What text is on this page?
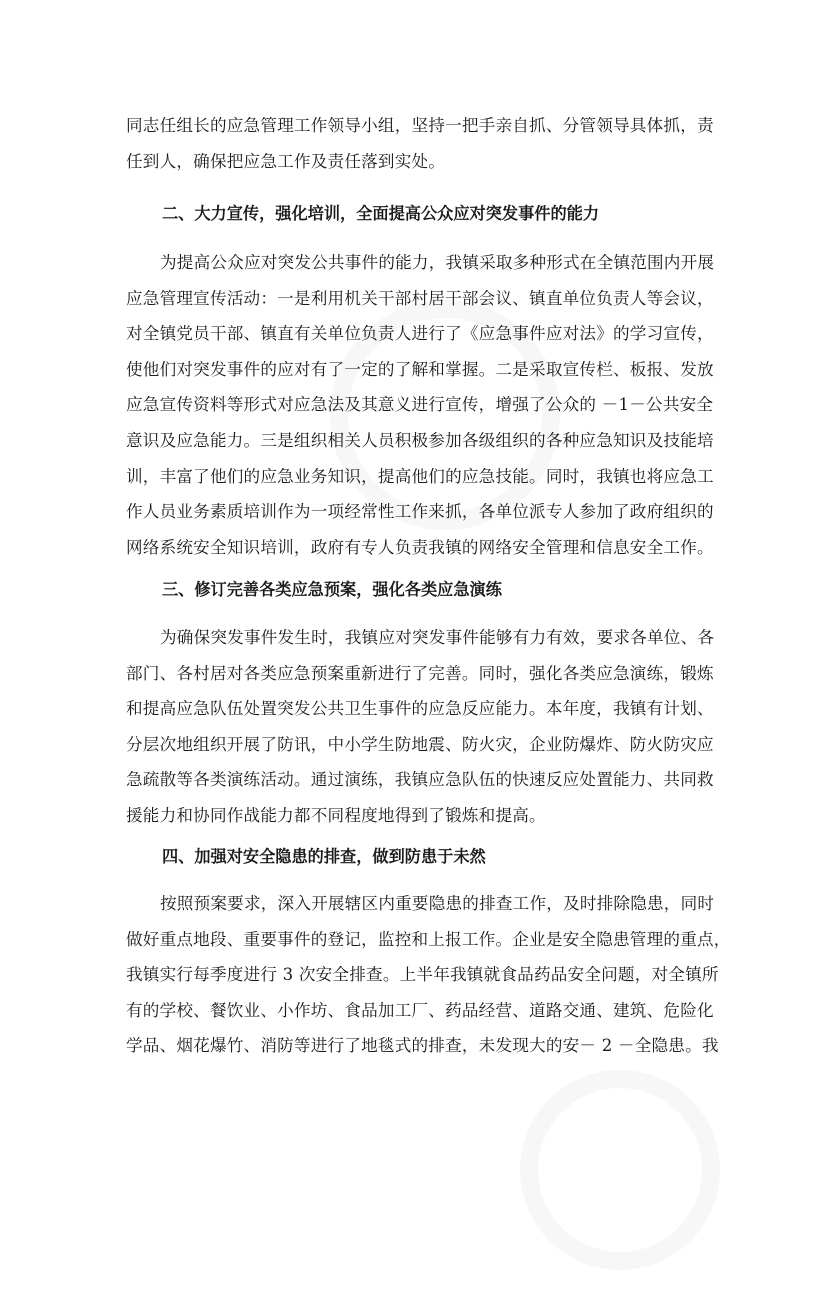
同志任组长的应急管理工作领导小组，坚持一把手亲自抓、分管领导具体抓，责
任到人，确保把应急工作及责任落到实处。
二、大力宣传，强化培训，全面提高公众应对突发事件的能力
为提高公众应对突发公共事件的能力，我镇采取多种形式在全镇范围内开展
应急管理宣传活动：一是利用机关干部村居干部会议、镇直单位负责人等会议，
对全镇党员干部、镇直有关单位负责人进行了《应急事件应对法》的学习宣传，
使他们对突发事件的应对有了一定的了解和掌握。二是采取宣传栏、板报、发放
应急宣传资料等形式对应急法及其意义进行宣传，增强了公众的 －1－公共安全
意识及应急能力。三是组织相关人员积极参加各级组织的各种应急知识及技能培
训，丰富了他们的应急业务知识，提高他们的应急技能。同时，我镇也将应急工
作人员业务素质培训作为一项经常性工作来抓，各单位派专人参加了政府组织的
网络系统安全知识培训，政府有专人负责我镇的网络安全管理和信息安全工作。
三、修订完善各类应急预案，强化各类应急演练
为确保突发事件发生时，我镇应对突发事件能够有力有效，要求各单位、各
部门、各村居对各类应急预案重新进行了完善。同时，强化各类应急演练，锻炼
和提高应急队伍处置突发公共卫生事件的应急反应能力。本年度，我镇有计划、
分层次地组织开展了防讯，中小学生防地震、防火灾，企业防爆炸、防火防灾应
急疏散等各类演练活动。通过演练，我镇应急队伍的快速反应处置能力、共同救
援能力和协同作战能力都不同程度地得到了锻炼和提高。
四、加强对安全隐患的排查，做到防患于未然
按照预案要求，深入开展辖区内重要隐患的排查工作，及时排除隐患，同时
做好重点地段、重要事件的登记，监控和上报工作。企业是安全隐患管理的重点，
我镇实行每季度进行 3 次安全排查。上半年我镇就食品药品安全问题，对全镇所
有的学校、餐饮业、小作坊、食品加工厂、药品经营、道路交通、建筑、危险化
学品、烟花爆竹、消防等进行了地毯式的排查，未发现大的安－ 2 －全隐患。我
